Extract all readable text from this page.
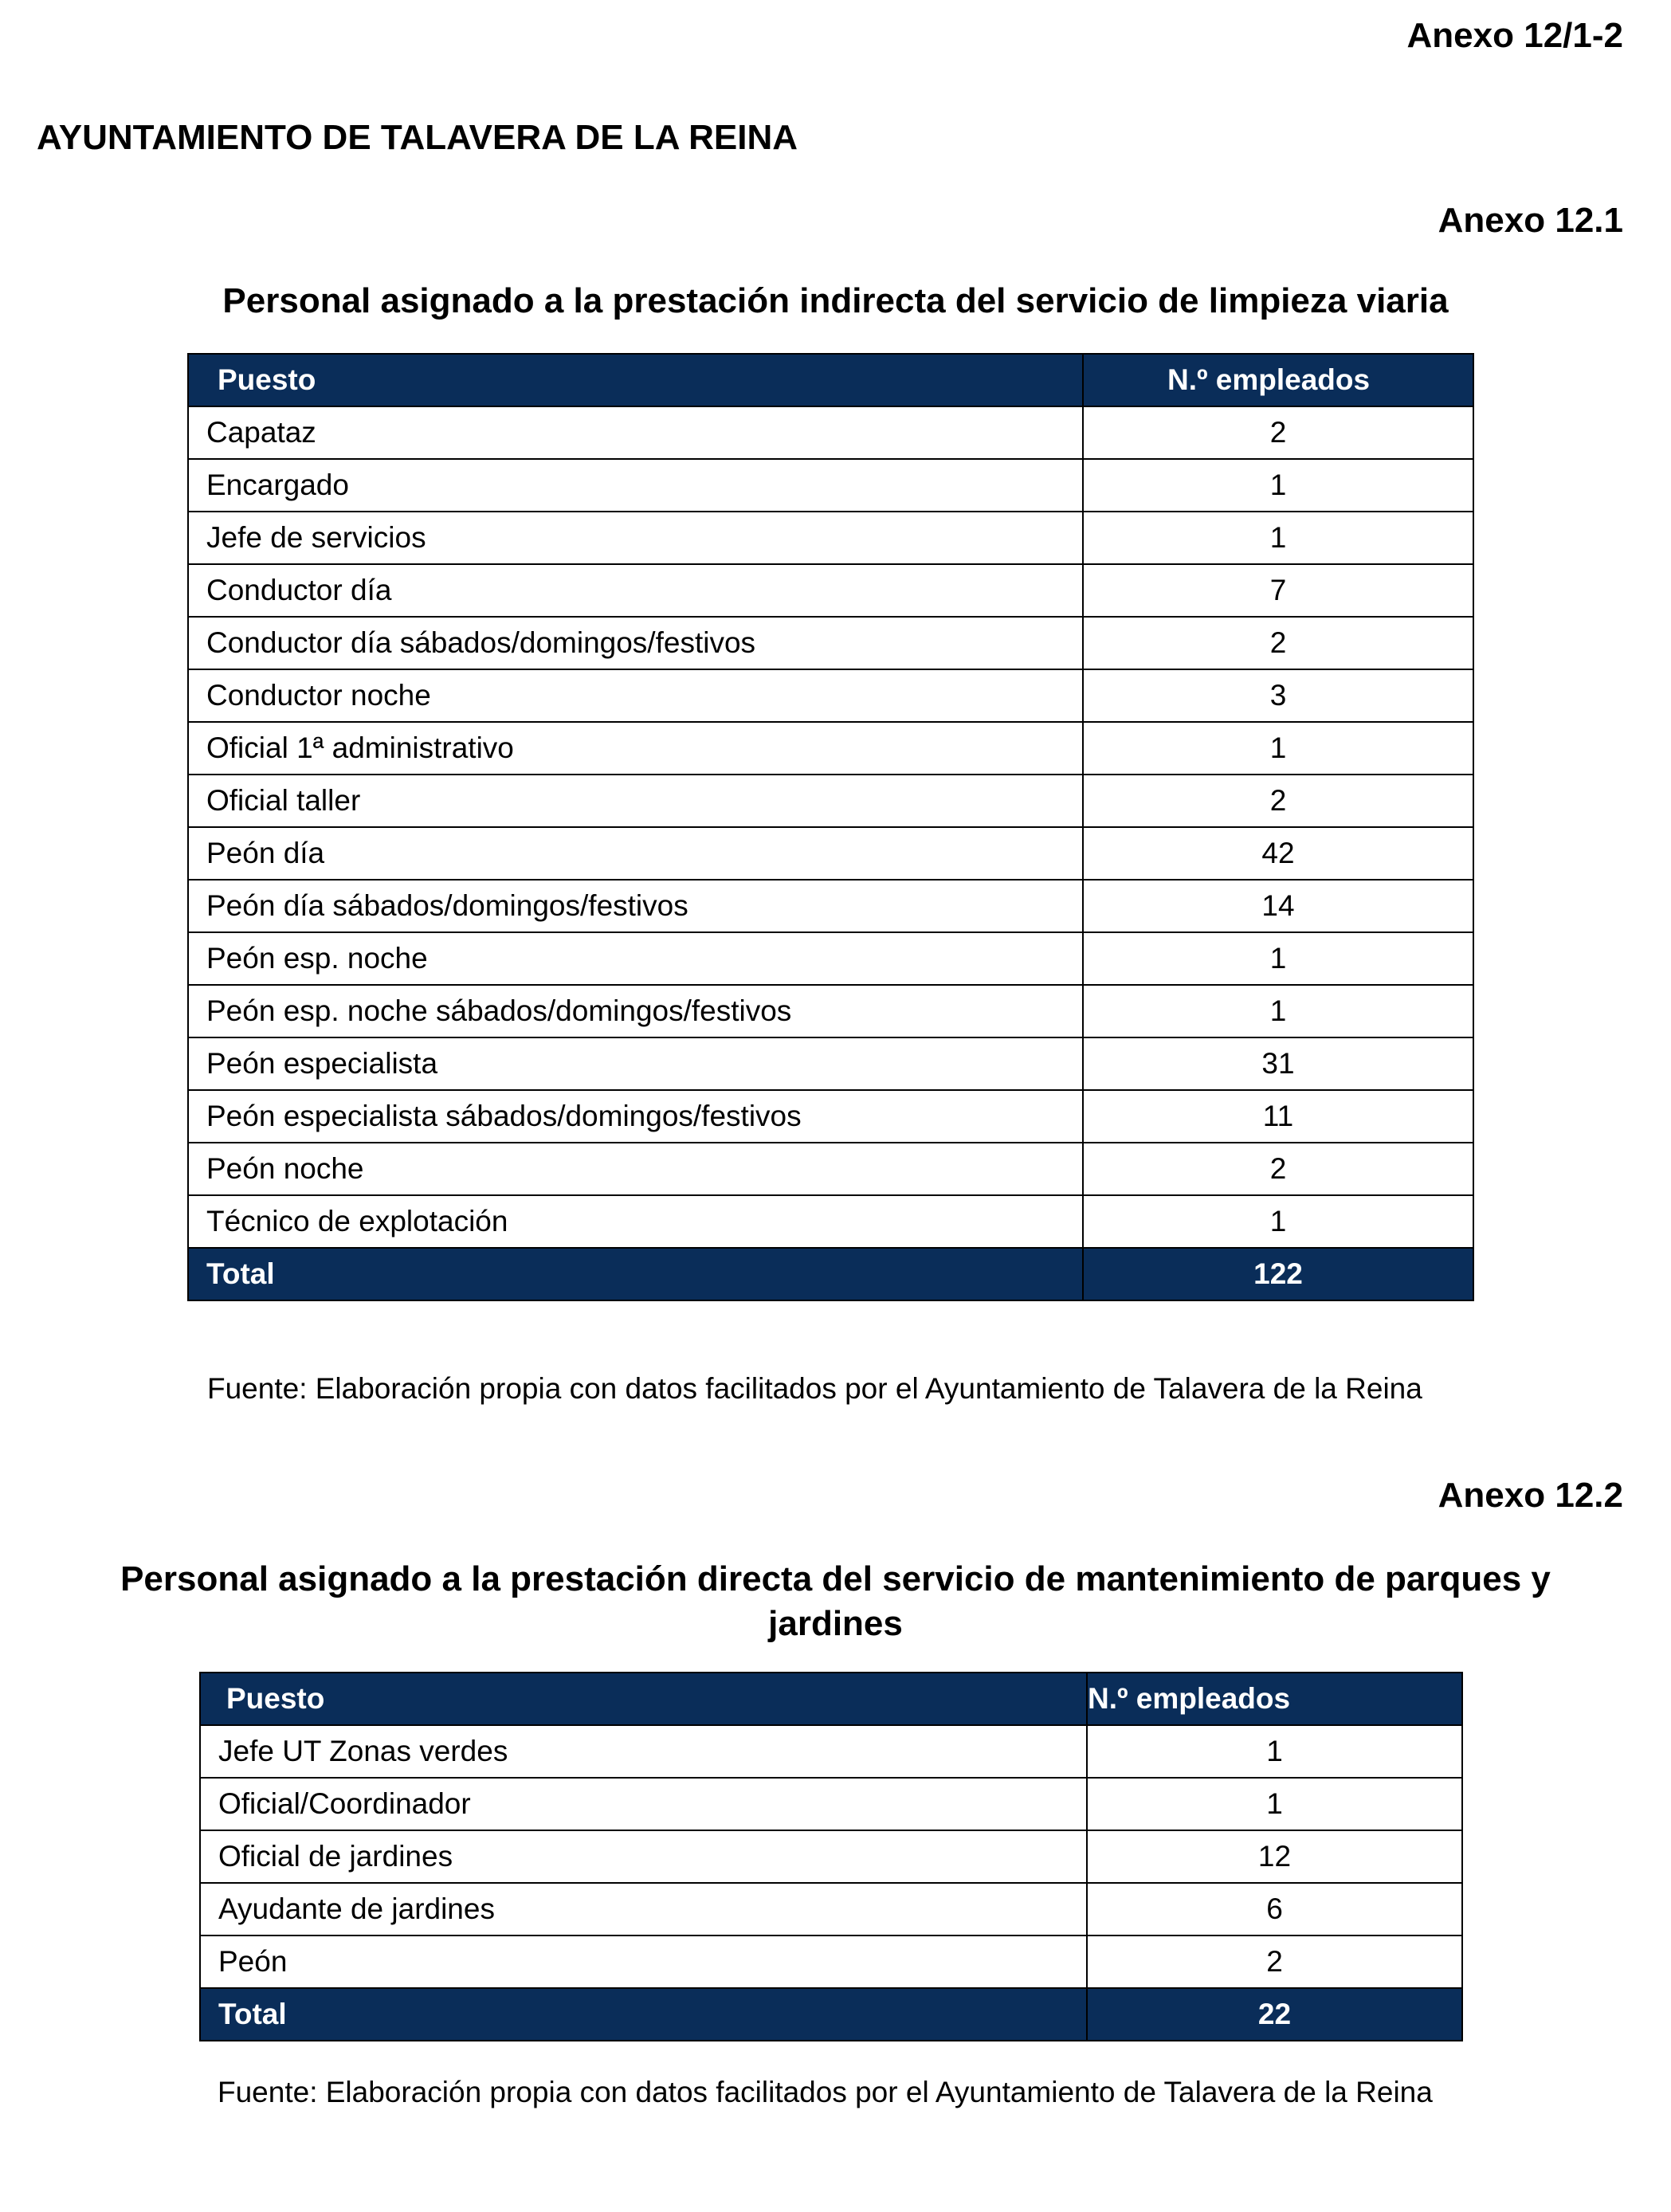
Anexo 12/1-2
AYUNTAMIENTO DE TALAVERA DE LA REINA
Anexo 12.1
Personal asignado a la prestación indirecta del servicio de limpieza viaria
Puesto	N.º empleados
Capataz	2
Encargado	1
Jefe de servicios	1
Conductor día	7
Conductor día sábados/domingos/festivos	2
Conductor noche	3
Oficial 1ª administrativo	1
Oficial taller	2
Peón día	42
Peón día sábados/domingos/festivos	14
Peón esp. noche	1
Peón esp. noche sábados/domingos/festivos	1
Peón especialista	31
Peón especialista sábados/domingos/festivos	11
Peón noche	2
Técnico de explotación	1
Total	122
Fuente: Elaboración propia con datos facilitados por el Ayuntamiento de Talavera de la Reina
Anexo 12.2
Personal asignado a la prestación directa del servicio de mantenimiento de parques y
jardines
Puesto	N.º empleados
Jefe UT Zonas verdes	1
Oficial/Coordinador	1
Oficial de jardines	12
Ayudante de jardines	6
Peón	2
Total	22
Fuente: Elaboración propia con datos facilitados por el Ayuntamiento de Talavera de la Reina
